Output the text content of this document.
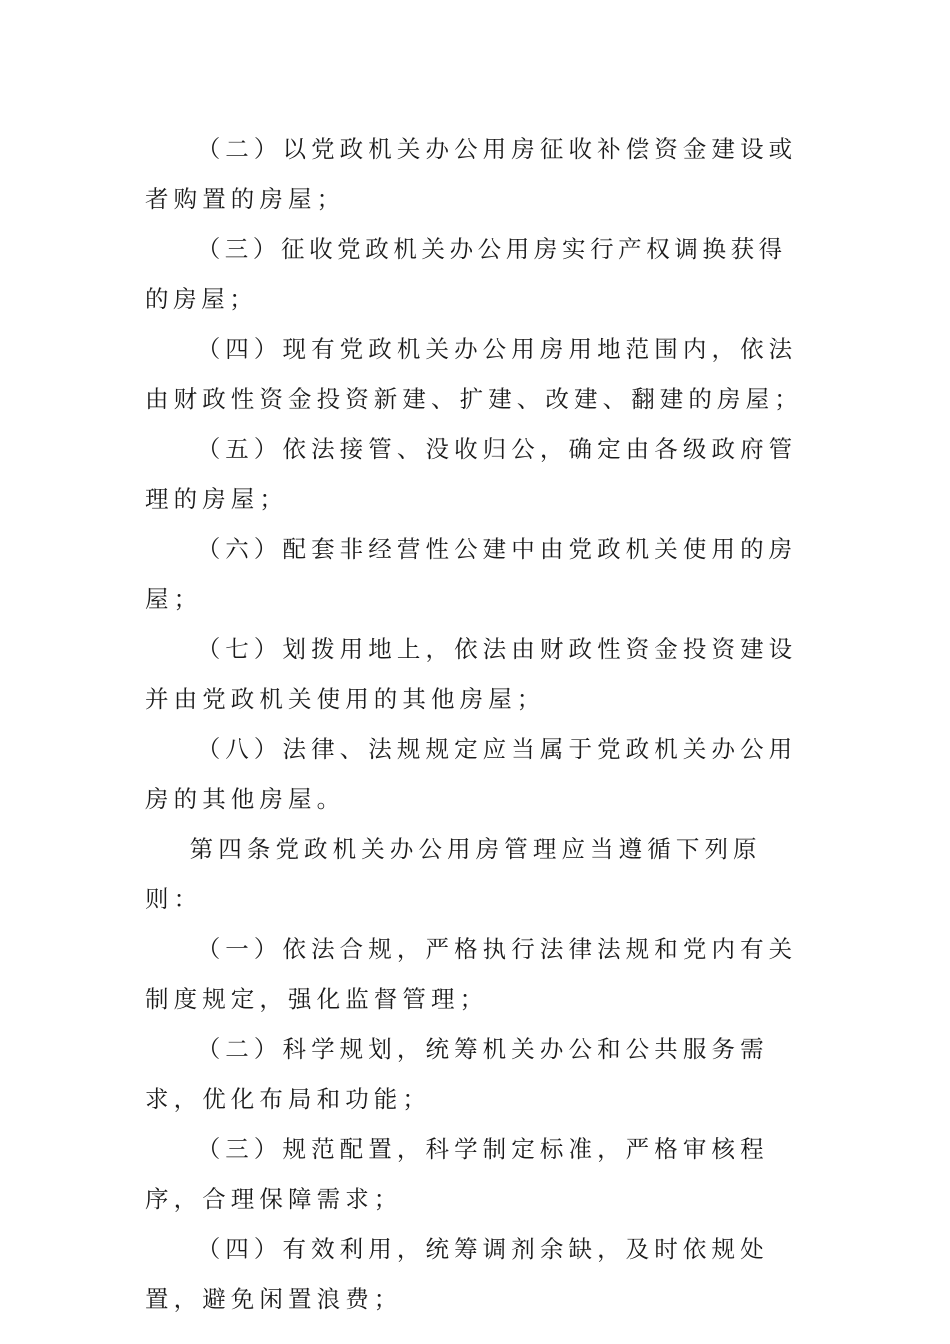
（二）以党政机关办公用房征收补偿资金建设或者购置的房屋；

（三）征收党政机关办公用房实行产权调换获得的房屋；

（四）现有党政机关办公用房用地范围内，依法由财政性资金投资新建、扩建、改建、翻建的房屋；

（五）依法接管、没收归公，确定由各级政府管理的房屋；

（六）配套非经营性公建中由党政机关使用的房屋；

（七）划拨用地上，依法由财政性资金投资建设并由党政机关使用的其他房屋；

（八）法律、法规规定应当属于党政机关办公用房的其他房屋。

第四条党政机关办公用房管理应当遵循下列原则：

（一）依法合规，严格执行法律法规和党内有关制度规定，强化监督管理；

（二）科学规划，统筹机关办公和公共服务需求，优化布局和功能；

（三）规范配置，科学制定标准，严格审核程序，合理保障需求；

（四）有效利用，统筹调剂余缺，及时依规处置，避免闲置浪费；
